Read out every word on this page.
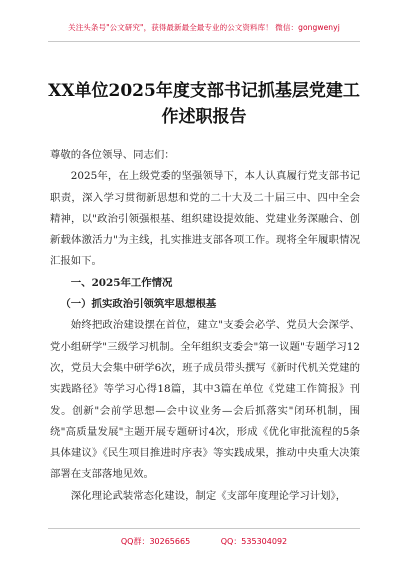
关注头条号"公文研究"，获得最新最全最专业的公文资料库！ 微信：gongwenyj
XX单位2025年度支部书记抓基层党建工
作述职报告

尊敬的各位领导、同志们：

2025年，在上级党委的坚强领导下，本人认真履行党支部书记职责，深入学习贯彻新思想和党的二十大及二十届三中、四中全会精神，以"政治引领强根基、组织建设提效能、党建业务深融合、创新载体激活力"为主线，扎实推进支部各项工作。现将全年履职情况汇报如下。

一、2025年工作情况

（一）抓实政治引领筑牢思想根基

始终把政治建设摆在首位，建立"支委会必学、党员大会深学、党小组研学"三级学习机制。全年组织支委会"第一议题"专题学习12次，党员大会集中研学6次，班子成员带头撰写《新时代机关党建的实践路径》等学习心得18篇，其中3篇在单位《党建工作简报》刊发。创新"会前学思想—会中议业务—会后抓落实"闭环机制，围绕"高质量发展"主题开展专题研讨4次，形成《优化审批流程的5条具体建议》《民生项目推进时序表》等实践成果，推动中央重大决策部署在支部落地见效。

深化理论武装常态化建设，制定《支部年度理论学习计划》，

QQ群：30265665	QQ：535304092
